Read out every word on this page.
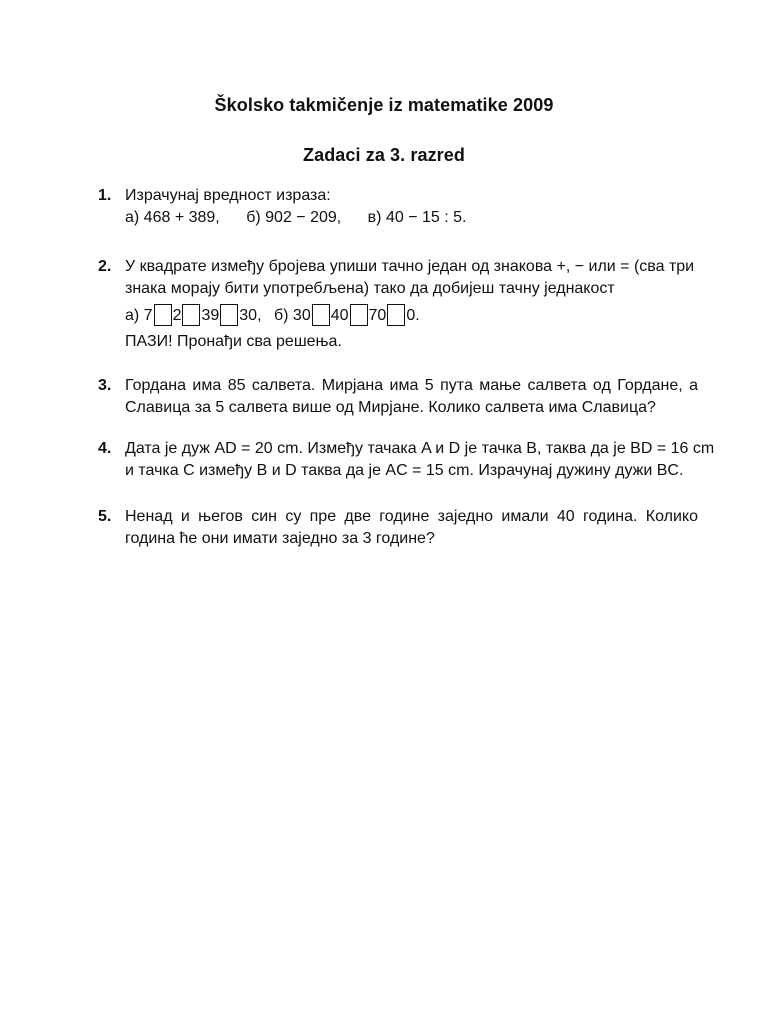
Školsko takmičenje iz matematike 2009
Zadaci za 3. razred
1. Израчунај вредност израза:
а) 468 + 389, б) 902 − 209, в) 40 − 15 : 5.
2. У квадрате између бројева упиши тачно један од знакова +, − или = (сва три
знака морају бити употребљена) тако да добијеш тачну једнакост
а) 7 2 39 30, б) 30 40 70 0.
ПАЗИ! Пронађи сва решења.
3. Гордана има 85 салвета. Мирјана има 5 пута мање салвета од Гордане, а Славица за 5 салвета више од Мирјане. Колико салвета има Славица?
4. Дата је дуж AD = 20 cm. Између тачака A и D је тачка B, таква да је BD = 16 cm
и тачка C између B и D таква да је AC = 15 cm. Израчунај дужину дужи BC.
5. Ненад и његов син су пре две године заједно имали 40 година. Колико година ће они имати заједно за 3 године?
